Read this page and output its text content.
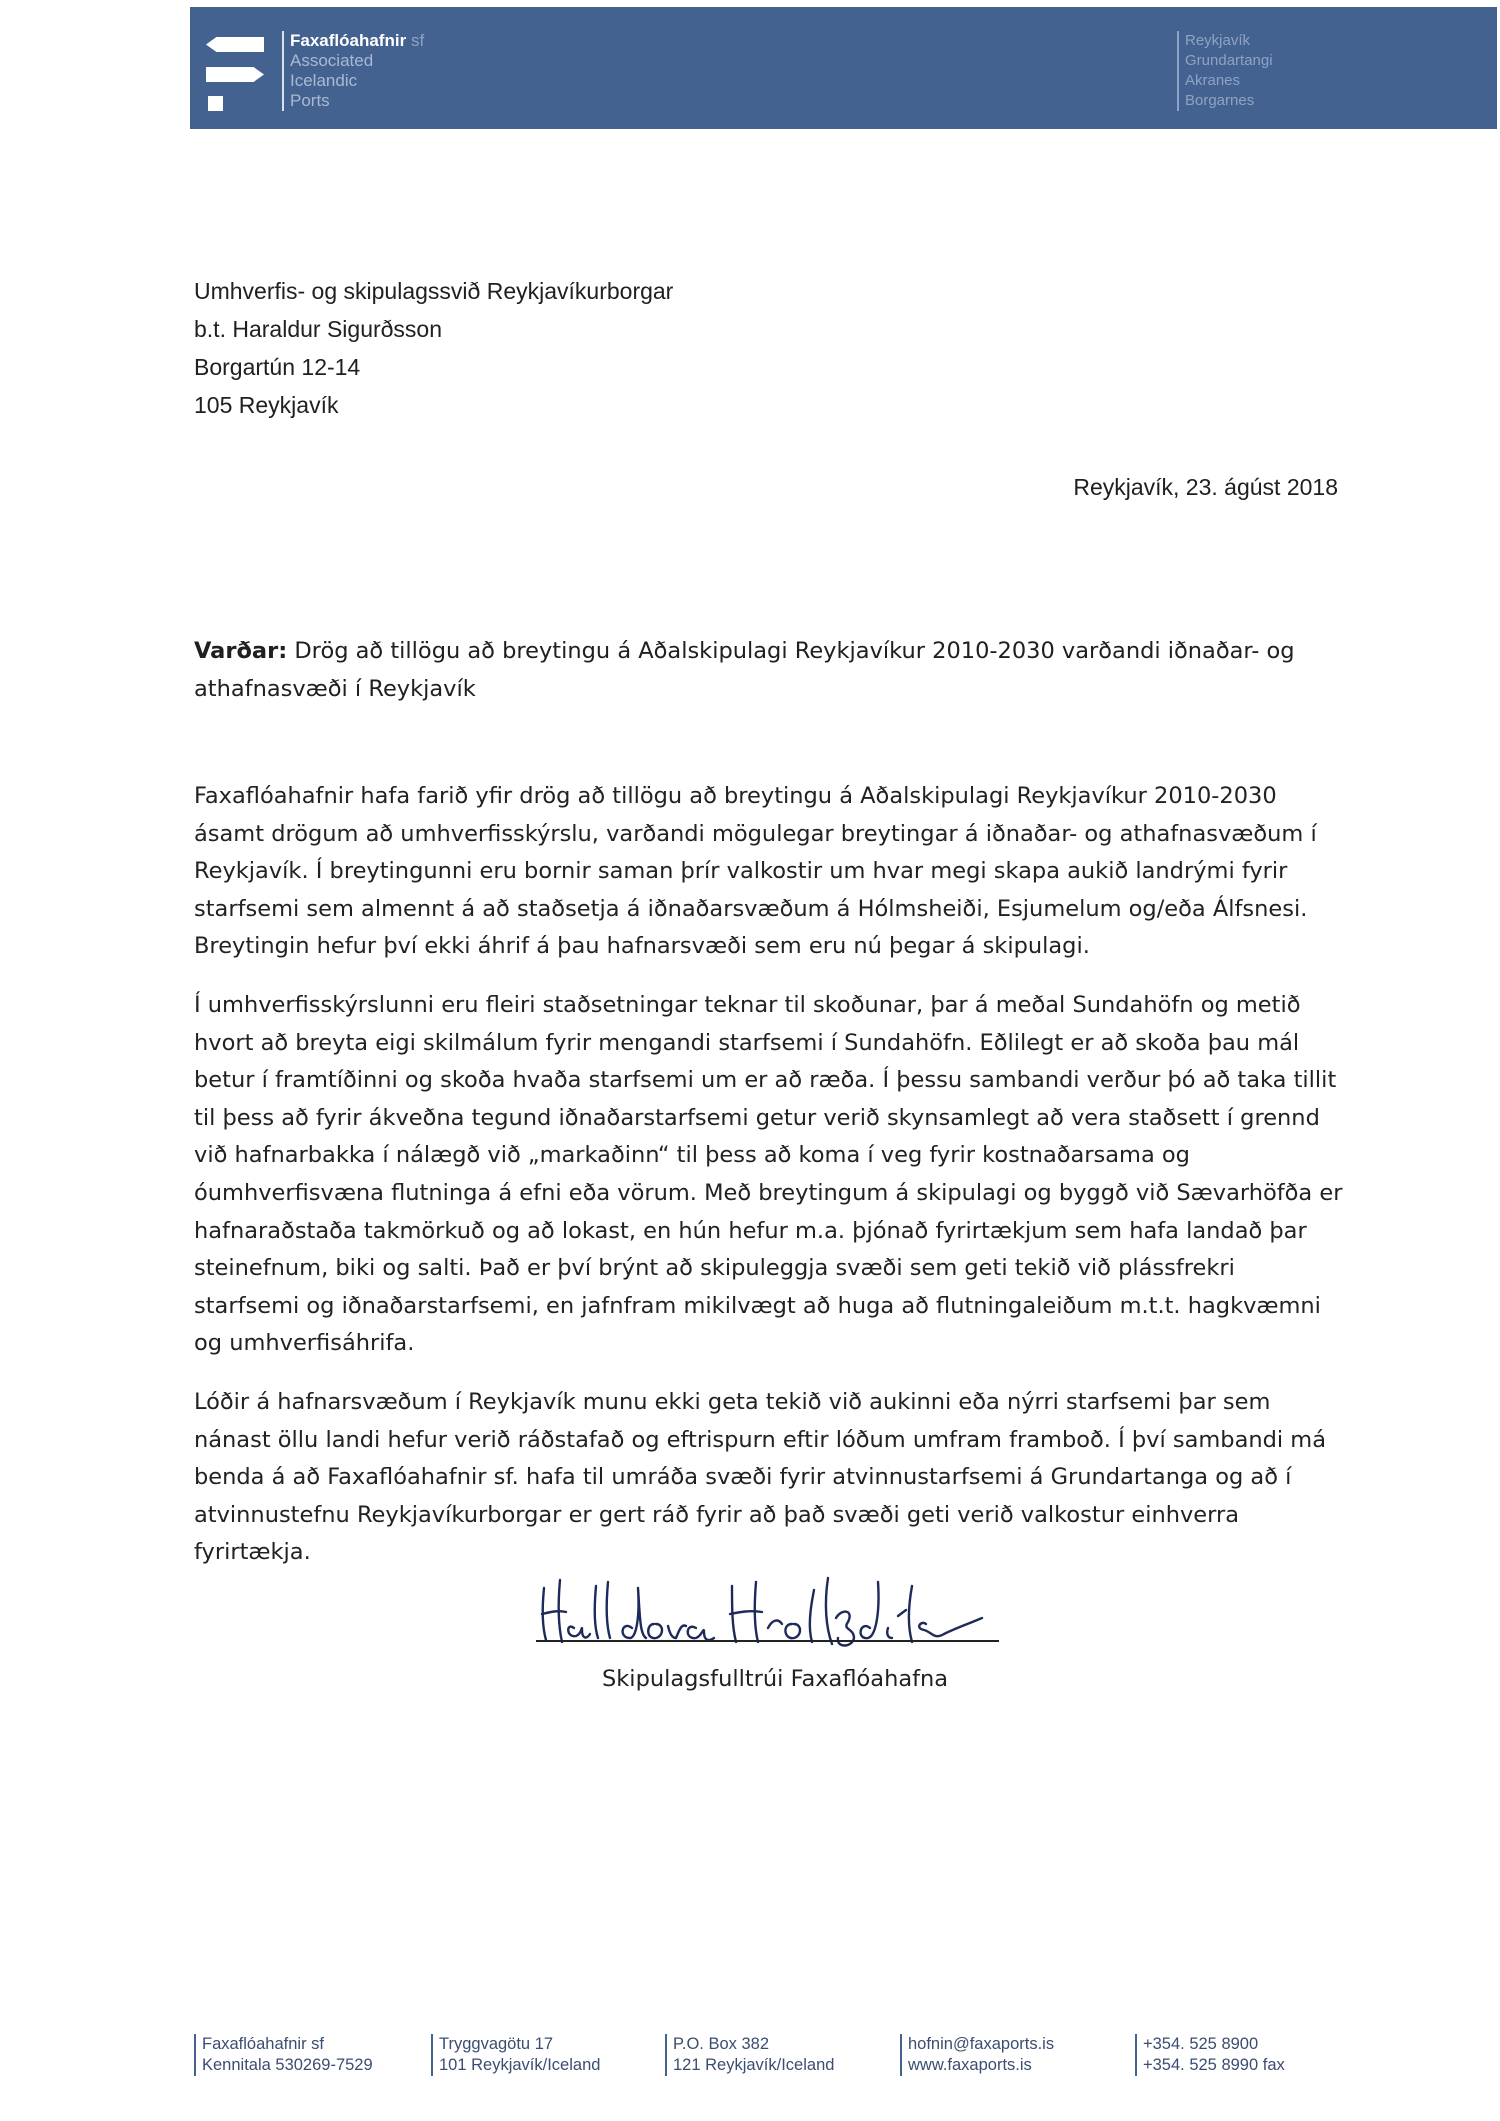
Faxaflóahafnir sf
Associated
Icelandic
Ports
Reykjavík
Grundartangi
Akranes
Borgarnes
Umhverfis- og skipulagssvið Reykjavíkurborgar
b.t. Haraldur Sigurðsson
Borgartún 12-14
105 Reykjavík
Reykjavík, 23. ágúst 2018
Varðar: Drög að tillögu að breytingu á Aðalskipulagi Reykjavíkur 2010-2030 varðandi iðnaðar- og athafnasvæði í Reykjavík

Faxaflóahafnir hafa farið yfir drög að tillögu að breytingu á Aðalskipulagi Reykjavíkur 2010-2030 ásamt drögum að umhverfisskýrslu, varðandi mögulegar breytingar á iðnaðar- og athafnasvæðum í Reykjavík. Í breytingunni eru bornir saman þrír valkostir um hvar megi skapa aukið landrými fyrir starfsemi sem almennt á að staðsetja á iðnaðarsvæðum á Hólmsheiði, Esjumelum og/eða Álfsnesi. Breytingin hefur því ekki áhrif á þau hafnarsvæði sem eru nú þegar á skipulagi.

Í umhverfisskýrslunni eru fleiri staðsetningar teknar til skoðunar, þar á meðal Sundahöfn og metið hvort að breyta eigi skilmálum fyrir mengandi starfsemi í Sundahöfn. Eðlilegt er að skoða þau mál betur í framtíðinni og skoða hvaða starfsemi um er að ræða. Í þessu sambandi verður þó að taka tillit til þess að fyrir ákveðna tegund iðnaðarstarfsemi getur verið skynsamlegt að vera staðsett í grennd við hafnarbakka í nálægð við „markaðinn“ til þess að koma í veg fyrir kostnaðarsama og óumhverfisvæna flutninga á efni eða vörum. Með breytingum á skipulagi og byggð við Sævarhöfða er hafnaraðstaða takmörkuð og að lokast, en hún hefur m.a. þjónað fyrirtækjum sem hafa landað þar steinefnum, biki og salti. Það er því brýnt að skipuleggja svæði sem geti tekið við plássfrekri starfsemi og iðnaðarstarfsemi, en jafnfram mikilvægt að huga að flutningaleiðum m.t.t. hagkvæmni og umhverfisáhrifa.

Lóðir á hafnarsvæðum í Reykjavík munu ekki geta tekið við aukinni eða nýrri starfsemi þar sem nánast öllu landi hefur verið ráðstafað og eftrispurn eftir lóðum umfram framboð. Í því sambandi má benda á að Faxaflóahafnir sf. hafa til umráða svæði fyrir atvinnustarfsemi á Grundartanga og að í atvinnustefnu Reykjavíkurborgar er gert ráð fyrir að það svæði geti verið valkostur einhverra fyrirtækja.

Skipulagsfulltrúi Faxaflóahafna
Faxaflóahafnir sf
Kennitala 530269-7529
Tryggvagötu 17
101 Reykjavík/Iceland
P.O. Box 382
121 Reykjavík/Iceland
hofnin@faxaports.is
www.faxaports.is
+354. 525 8900
+354. 525 8990 fax
